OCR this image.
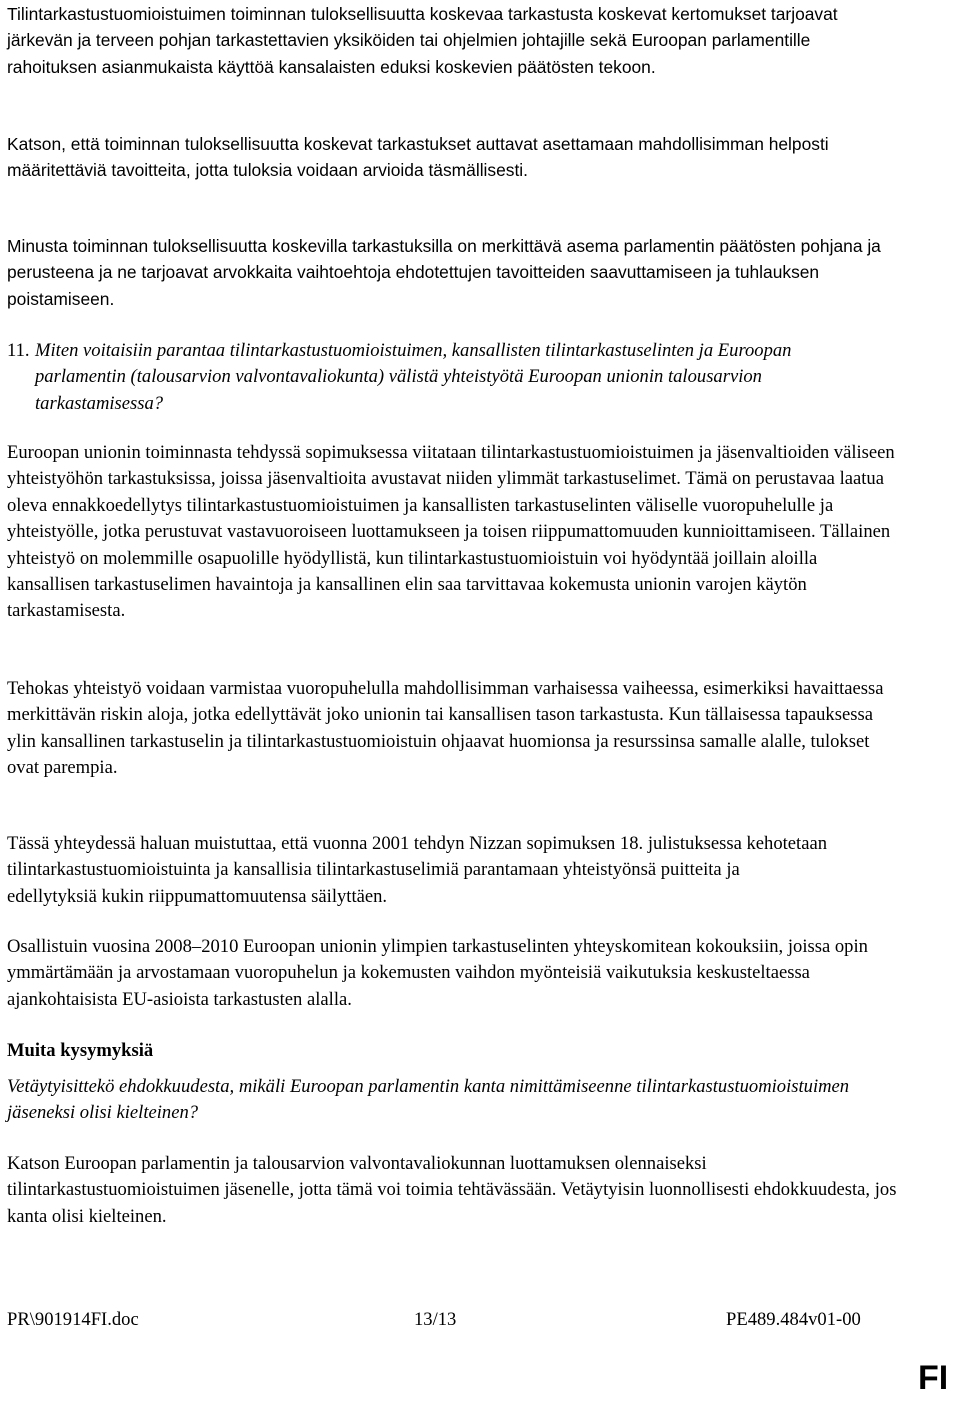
Tilintarkastustuomioistuimen toiminnan tuloksellisuutta koskevaa tarkastusta koskevat kertomukset tarjoavat järkevän ja terveen pohjan tarkastettavien yksiköiden tai ohjelmien johtajille sekä Euroopan parlamentille rahoituksen asianmukaista käyttöä kansalaisten eduksi koskevien päätösten tekoon.

Katson, että toiminnan tuloksellisuutta koskevat tarkastukset auttavat asettamaan mahdollisimman helposti määritettäviä tavoitteita, jotta tuloksia voidaan arvioida täsmällisesti.

Minusta toiminnan tuloksellisuutta koskevilla tarkastuksilla on merkittävä asema parlamentin päätösten pohjana ja perusteena ja ne tarjoavat arvokkaita vaihtoehtoja ehdotettujen tavoitteiden saavuttamiseen ja tuhlauksen poistamiseen.

11. Miten voitaisiin parantaa tilintarkastustuomioistuimen, kansallisten tilintarkastuselinten ja Euroopan parlamentin (talousarvion valvontavaliokunta) välistä yhteistyötä Euroopan unionin talousarvion tarkastamisessa?

Euroopan unionin toiminnasta tehdyssä sopimuksessa viitataan tilintarkastustuomioistuimen ja jäsenvaltioiden väliseen yhteistyöhön tarkastuksissa, joissa jäsenvaltioita avustavat niiden ylimmät tarkastuselimet. Tämä on perustavaa laatua oleva ennakkoedellytys tilintarkastustuomioistuimen ja kansallisten tarkastuselinten väliselle vuoropuhelulle ja yhteistyölle, jotka perustuvat vastavuoroiseen luottamukseen ja toisen riippumattomuuden kunnioittamiseen. Tällainen yhteistyö on molemmille osapuolille hyödyllistä, kun tilintarkastustuomioistuin voi hyödyntää joillain aloilla kansallisen tarkastuselimen havaintoja ja kansallinen elin saa tarvittavaa kokemusta unionin varojen käytön tarkastamisesta.

Tehokas yhteistyö voidaan varmistaa vuoropuhelulla mahdollisimman varhaisessa vaiheessa, esimerkiksi havaittaessa merkittävän riskin aloja, jotka edellyttävät joko unionin tai kansallisen tason tarkastusta. Kun tällaisessa tapauksessa ylin kansallinen tarkastuselin ja tilintarkastustuomioistuin ohjaavat huomionsa ja resurssinsa samalle alalle, tulokset ovat parempia.

Tässä yhteydessä haluan muistuttaa, että vuonna 2001 tehdyn Nizzan sopimuksen 18. julistuksessa kehotetaan tilintarkastustuomioistuinta ja kansallisia tilintarkastuselimiä parantamaan yhteistyönsä puitteita ja edellytyksiä kukin riippumattomuutensa säilyttäen.

Osallistuin vuosina 2008–2010 Euroopan unionin ylimpien tarkastuselinten yhteyskomitean kokouksiin, joissa opin ymmärtämään ja arvostamaan vuoropuhelun ja kokemusten vaihdon myönteisiä vaikutuksia keskusteltaessa ajankohtaisista EU-asioista tarkastusten alalla.

Muita kysymyksiä

Vetäytyisittekö ehdokkuudesta, mikäli Euroopan parlamentin kanta nimittämiseenne tilintarkastustuomioistuimen jäseneksi olisi kielteinen?

Katson Euroopan parlamentin ja talousarvion valvontavaliokunnan luottamuksen olennaiseksi tilintarkastustuomioistuimen jäsenelle, jotta tämä voi toimia tehtävässään. Vetäytyisin luonnollisesti ehdokkuudesta, jos kanta olisi kielteinen.

PR\901914FI.doc	13/13	PE489.484v01-00
FI
